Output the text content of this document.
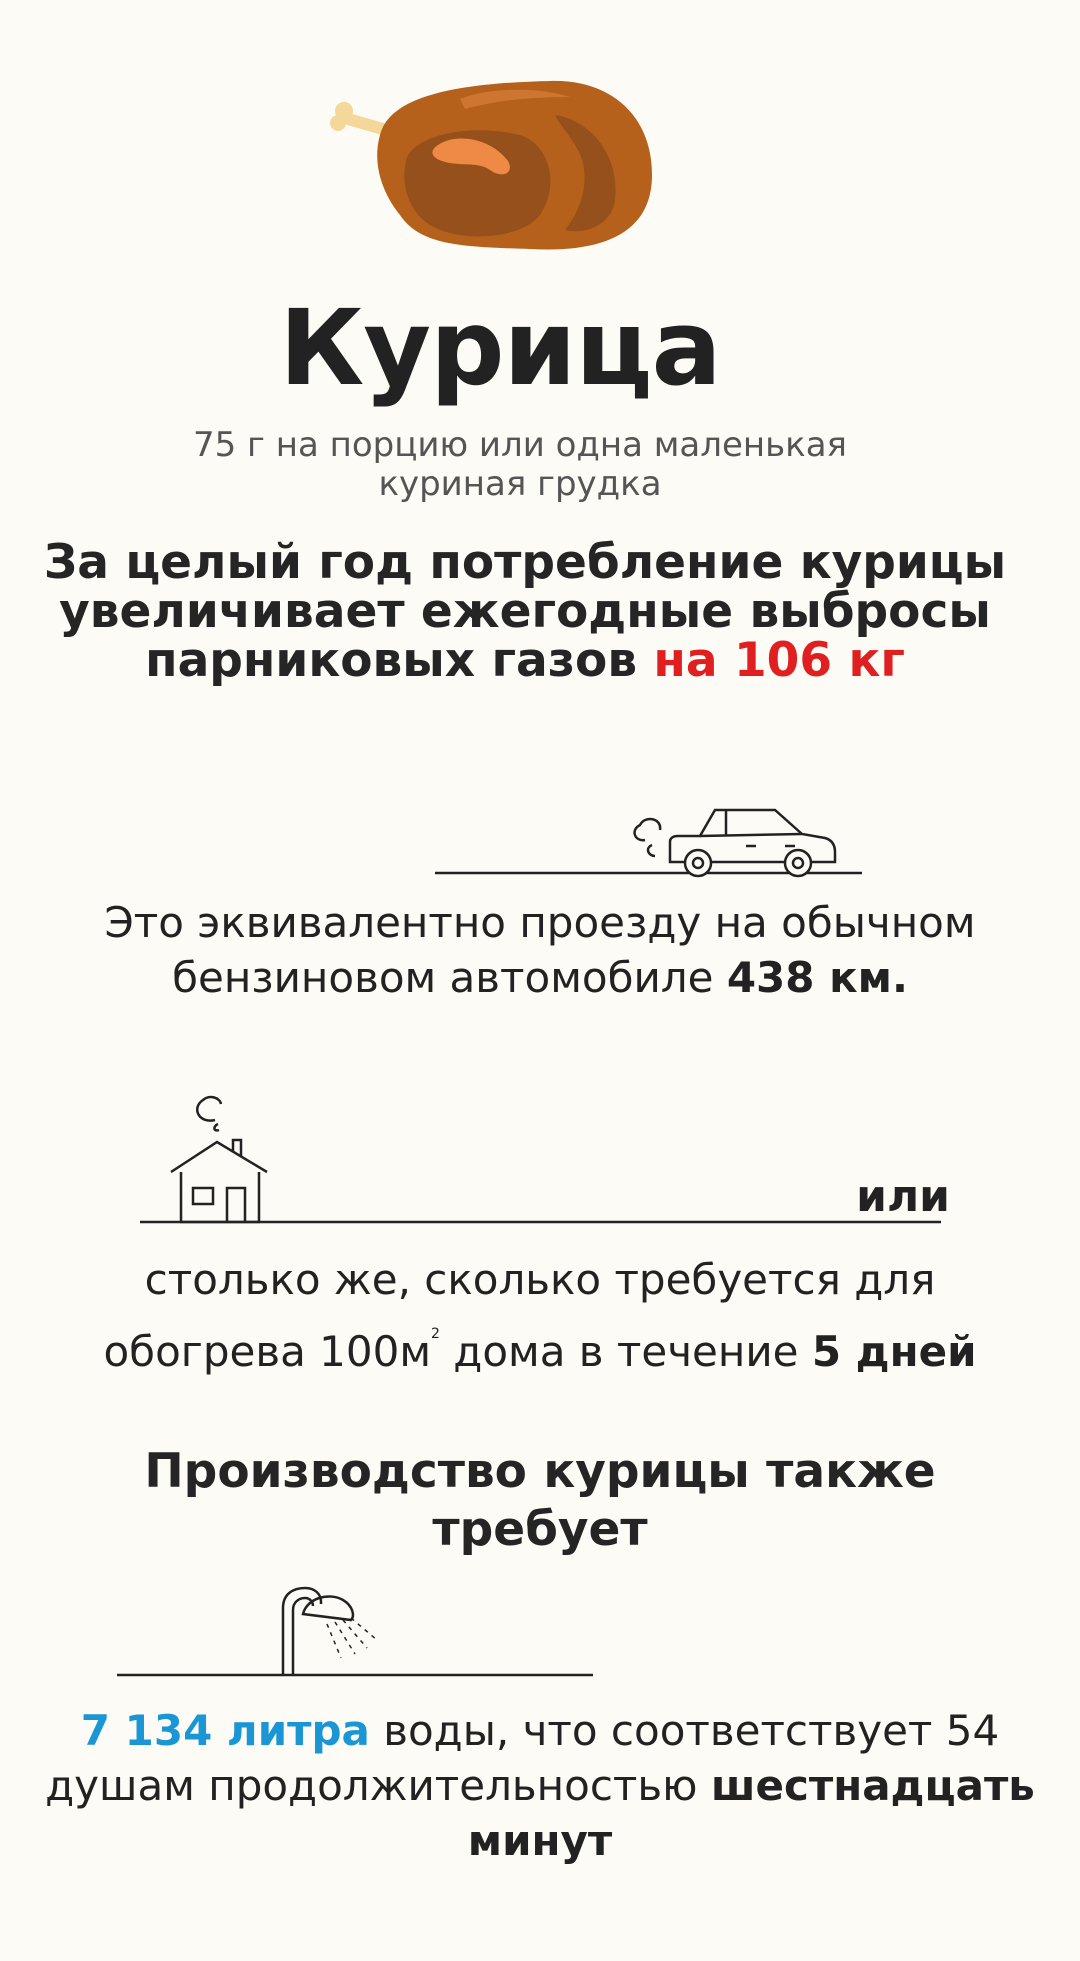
Курица
75 г на порцию или одна маленькая куриная грудка
За целый год потребление курицы увеличивает ежегодные выбросы парниковых газов на 106 кг
Это эквивалентно проезду на обычном бензиновом автомобиле 438 км.
или
столько же, сколько требуется для обогрева $100м^2$ дома в течение 5 дней
Производство курицы также требует
7 134 литра воды, что соответствует 54 душам продолжительностью шестнадцать минут
